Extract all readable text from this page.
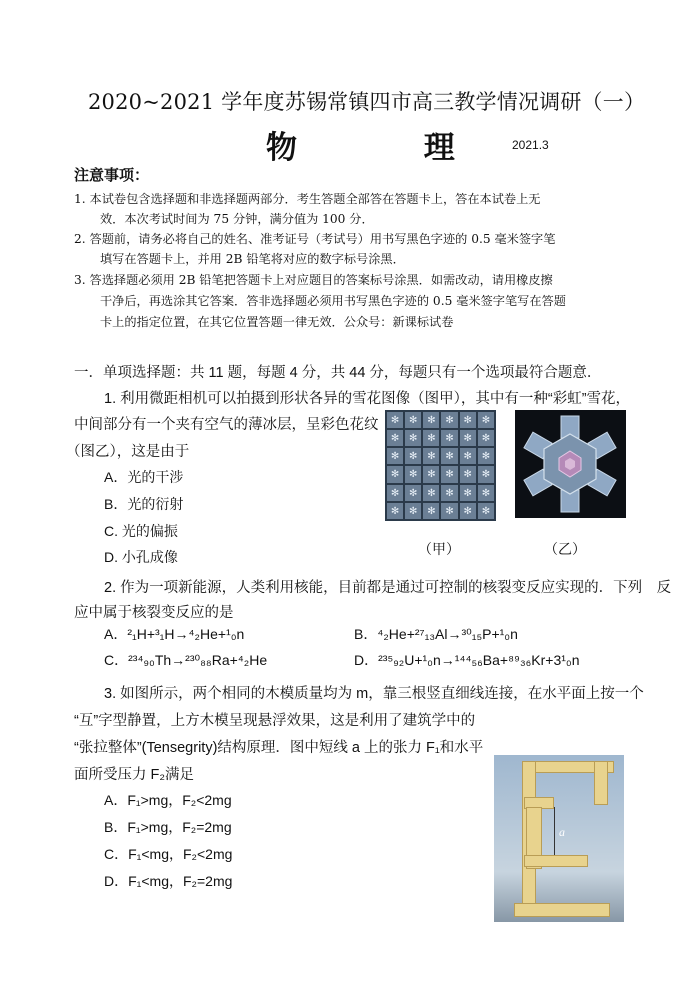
2020~2021 学年度苏锡常镇四市高三教学情况调研（一）
物 理 2021.3
注意事项：
1. 本试卷包含选择题和非选择题两部分．考生答题全部答在答题卡上，答在本试卷上无
效．本次考试时间为 75 分钟，满分值为 100 分．
2. 答题前，请务必将自己的姓名、准考证号（考试号）用书写黑色字迹的 0.5 毫米签字笔
填写在答题卡上，并用 2B 铅笔将对应的数字标号涂黑．
3. 答选择题必须用 2B 铅笔把答题卡上对应题目的答案标号涂黑．如需改动，请用橡皮擦
干净后，再选涂其它答案．答非选择题必须用书写黑色字迹的 0.5 毫米签字笔写在答题
卡上的指定位置，在其它位置答题一律无效．公众号：新课标试卷
一．单项选择题：共 11 题，每题 4 分，共 44 分，每题只有一个选项最符合题意．
1. 利用微距相机可以拍摄到形状各异的雪花图像（图甲），其中有一种“彩虹”雪花，
中间部分有一个夹有空气的薄冰层，呈彩色花纹
（图乙），这是由于
A．光的干涉
B．光的衍射
C. 光的偏振
D. 小孔成像
✻
✻
✻
✻
✻
✻
✻
✻
✻
✻
✻
✻
✻
✻
✻
✻
✻
✻
✻
✻
✻
✻
✻
✻
✻
✻
✻
✻
✻
✻
✻
✻
✻
✻
✻
✻	（甲）	（乙）
2. 作为一项新能源，人类利用核能，目前都是通过可控制的核裂变反应实现的．下列　反
应中属于核裂变反应的是
A．²₁H+³₁H→⁴₂He+¹₀n	B．⁴₂He+²⁷₁₃Al→³⁰₁₅P+¹₀n
C．²³⁴₉₀Th→²³⁰₈₈Ra+⁴₂He	D．²³⁵₉₂U+¹₀n→¹⁴⁴₅₆Ba+⁸⁹₃₆Kr+3¹₀n
3. 如图所示，两个相同的木模质量均为 m，靠三根竖直细线连接，在水平面上按一个
“互”字型静置，上方木模呈现悬浮效果，这是利用了建筑学中的
“张拉整体”(Tensegrity)结构原理．图中短线 a 上的张力 F₁和水平
面所受压力 F₂满足
A．F₁>mg，F₂<2mg
B．F₁>mg，F₂=2mg
C．F₁<mg，F₂<2mg
D．F₁<mg，F₂=2mg
a
